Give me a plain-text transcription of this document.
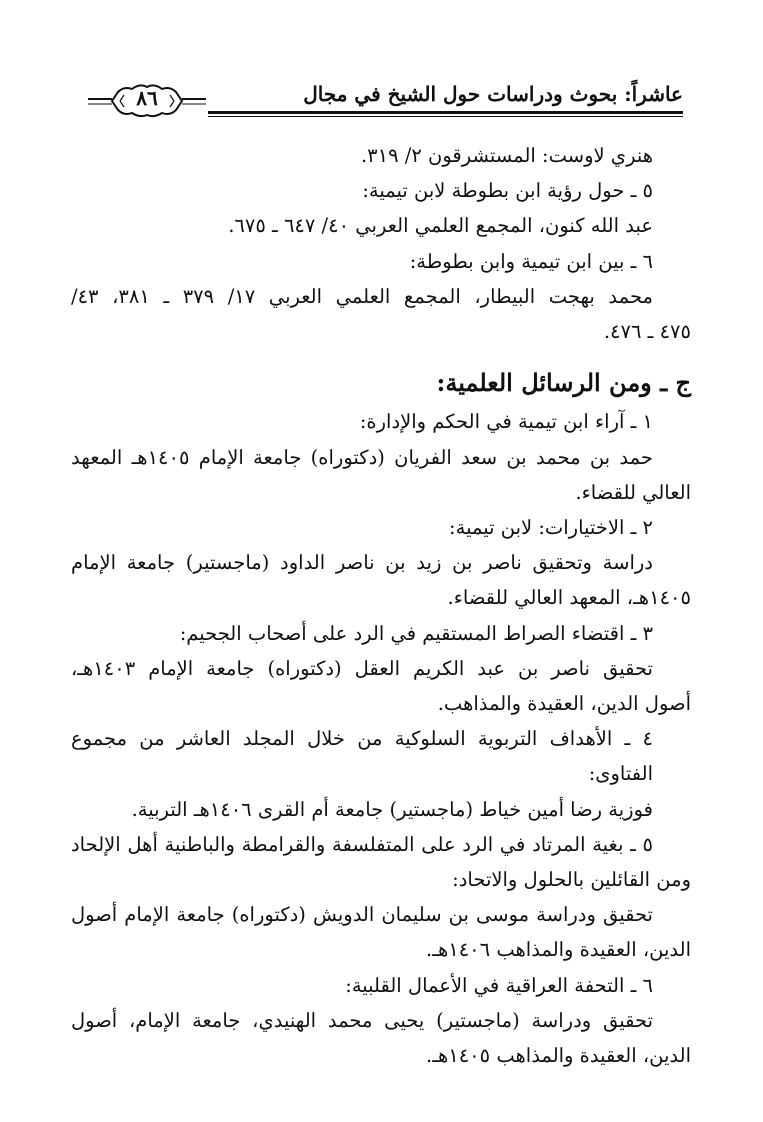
عاشراً: بحوث ودراسات حول الشيخ في مجال
٨٦

هنري لاوست: المستشرقون ٢/ ٣١٩.

٥ ـ حول رؤية ابن بطوطة لابن تيمية:

عبد الله كنون، المجمع العلمي العربي ٤٠/ ٦٤٧ ـ ٦٧٥.

٦ ـ بين ابن تيمية وابن بطوطة:

محمد بهجت البيطار، المجمع العلمي العربي ١٧/ ٣٧٩ ـ ٣٨١، ٤٣/

٤٧٥ ـ ٤٧٦.

ج ـ ومن الرسائل العلمية:

١ ـ آراء ابن تيمية في الحكم والإدارة:

حمد بن محمد بن سعد الفريان (دكتوراه) جامعة الإمام ١٤٠٥هـ المعهد

العالي للقضاء.

٢ ـ الاختيارات: لابن تيمية:

دراسة وتحقيق ناصر بن زيد بن ناصر الداود (ماجستير) جامعة الإمام

١٤٠٥هـ، المعهد العالي للقضاء.

٣ ـ اقتضاء الصراط المستقيم في الرد على أصحاب الجحيم:

تحقيق ناصر بن عبد الكريم العقل (دكتوراه) جامعة الإمام ١٤٠٣هـ،

أصول الدين، العقيدة والمذاهب.

٤ ـ الأهداف التربوية السلوكية من خلال المجلد العاشر من مجموع الفتاوى:

فوزية رضا أمين خياط (ماجستير) جامعة أم القرى ١٤٠٦هـ التربية.

٥ ـ بغية المرتاد في الرد على المتفلسفة والقرامطة والباطنية أهل الإلحاد

ومن القائلين بالحلول والاتحاد:

تحقيق ودراسة موسى بن سليمان الدويش (دكتوراه) جامعة الإمام أصول

الدين، العقيدة والمذاهب ١٤٠٦هـ.

٦ ـ التحفة العراقية في الأعمال القلبية:

تحقيق ودراسة (ماجستير) يحيى محمد الهنيدي، جامعة الإمام، أصول

الدين، العقيدة والمذاهب ١٤٠٥هـ.
